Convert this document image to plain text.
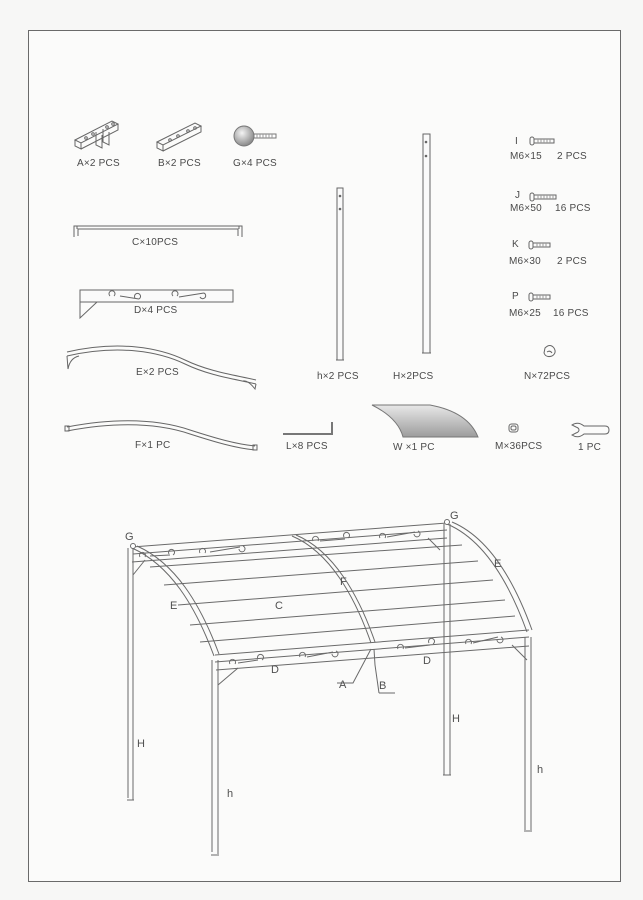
A×2 PCS	B×2 PCS	G×4 PCS
C×10PCS
D×4 PCS
E×2 PCS
F×1 PC
h×2 PCS	H×2PCS
L×8 PCS	W ×1 PC	M×36PCS
N×72PCS
1 PC
I
M6×15 2 PCS
J
M6×50 16 PCS
K
M6×30 2 PCS
P
M6×25 16 PCS
G
G
E
E
C
F
D
D
A	B
H
H
h
h
